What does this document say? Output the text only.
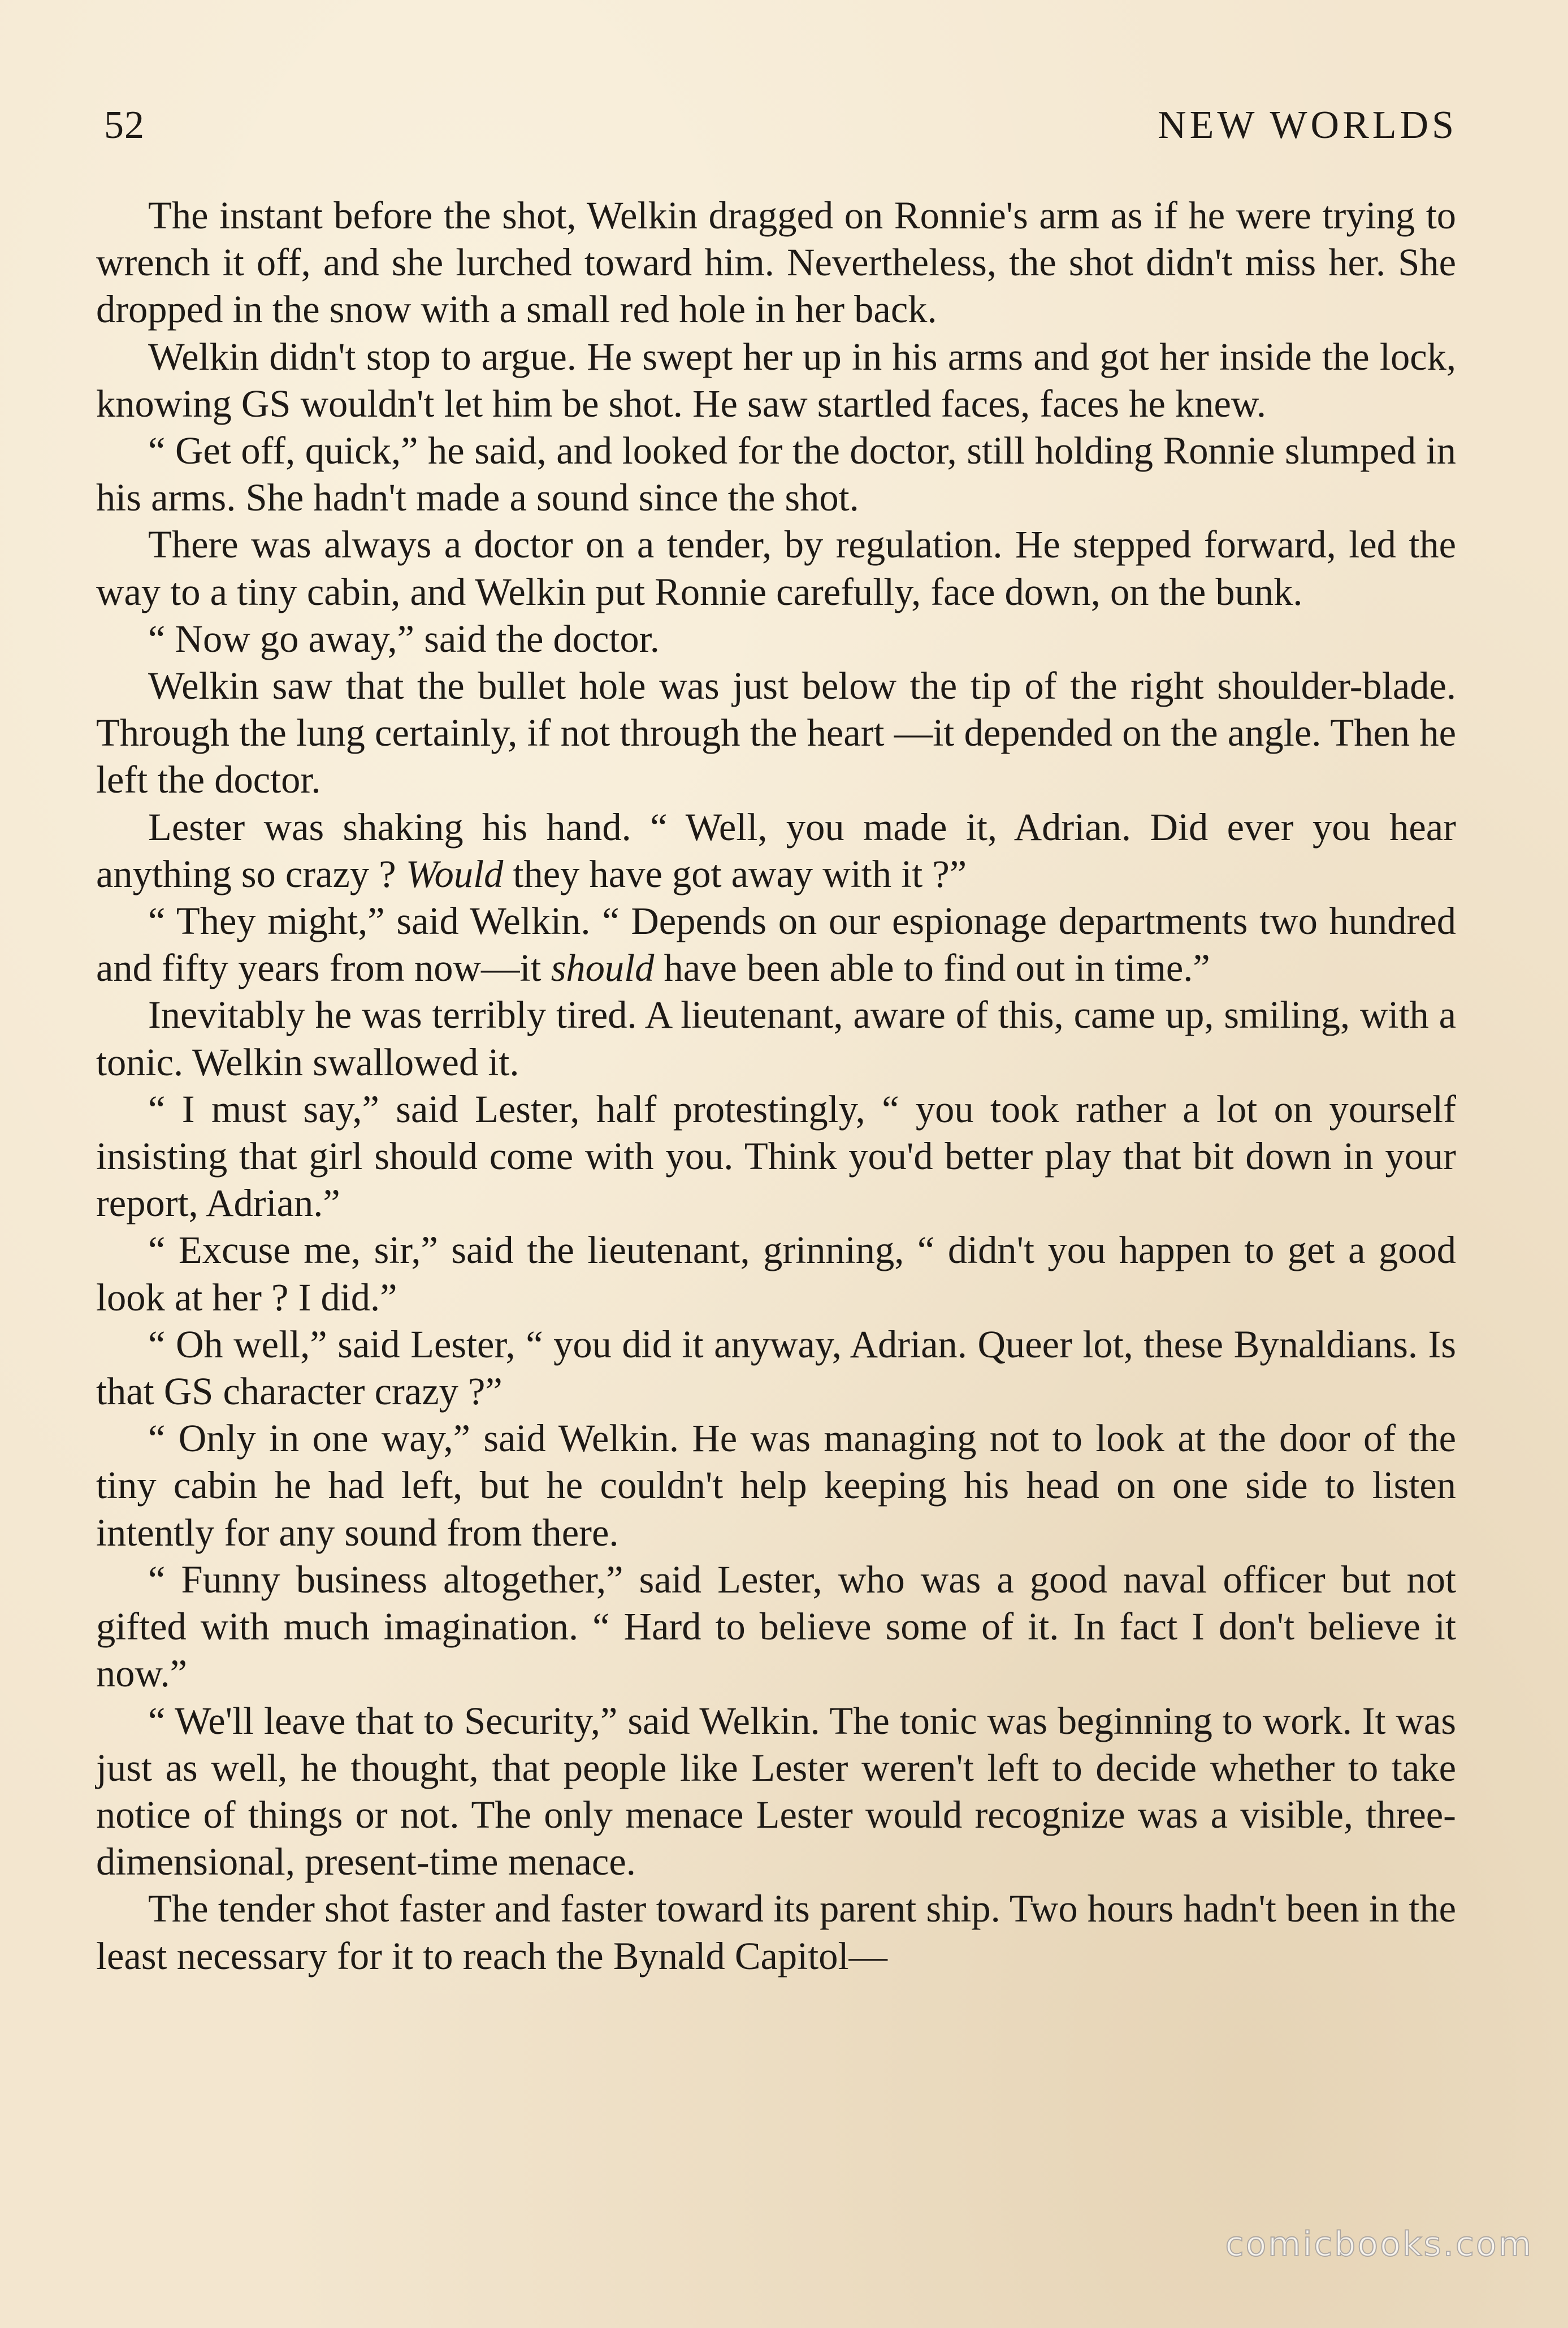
52	NEW WORLDS

The instant before the shot, Welkin dragged on Ronnie's arm as if he were trying to wrench it off, and she lurched toward him. Nevertheless, the shot didn't miss her. She dropped in the snow with a small red hole in her back.

Welkin didn't stop to argue. He swept her up in his arms and got her inside the lock, knowing GS wouldn't let him be shot. He saw startled faces, faces he knew.

“ Get off, quick,” he said, and looked for the doctor, still holding Ronnie slumped in his arms. She hadn't made a sound since the shot.

There was always a doctor on a tender, by regulation. He stepped forward, led the way to a tiny cabin, and Welkin put Ronnie carefully, face down, on the bunk.

“ Now go away,” said the doctor.

Welkin saw that the bullet hole was just below the tip of the right shoulder-blade. Through the lung certainly, if not through the heart —it depended on the angle. Then he left the doctor.

Lester was shaking his hand. “ Well, you made it, Adrian. Did ever you hear anything so crazy ? Would they have got away with it ?”

“ They might,” said Welkin. “ Depends on our espionage departments two hundred and fifty years from now—it should have been able to find out in time.”

Inevitably he was terribly tired. A lieutenant, aware of this, came up, smiling, with a tonic. Welkin swallowed it.

“ I must say,” said Lester, half protestingly, “ you took rather a lot on yourself insisting that girl should come with you. Think you'd better play that bit down in your report, Adrian.”

“ Excuse me, sir,” said the lieutenant, grinning, “ didn't you happen to get a good look at her ? I did.”

“ Oh well,” said Lester, “ you did it anyway, Adrian. Queer lot, these Bynaldians. Is that GS character crazy ?”

“ Only in one way,” said Welkin. He was managing not to look at the door of the tiny cabin he had left, but he couldn't help keeping his head on one side to listen intently for any sound from there.

“ Funny business altogether,” said Lester, who was a good naval officer but not gifted with much imagination. “ Hard to believe some of it. In fact I don't believe it now.”

“ We'll leave that to Security,” said Welkin. The tonic was beginning to work. It was just as well, he thought, that people like Lester weren't left to decide whether to take notice of things or not. The only menace Lester would recognize was a visible, three-dimensional, present-time menace.

The tender shot faster and faster toward its parent ship. Two hours hadn't been in the least necessary for it to reach the Bynald Capitol—

comicbooks.com
